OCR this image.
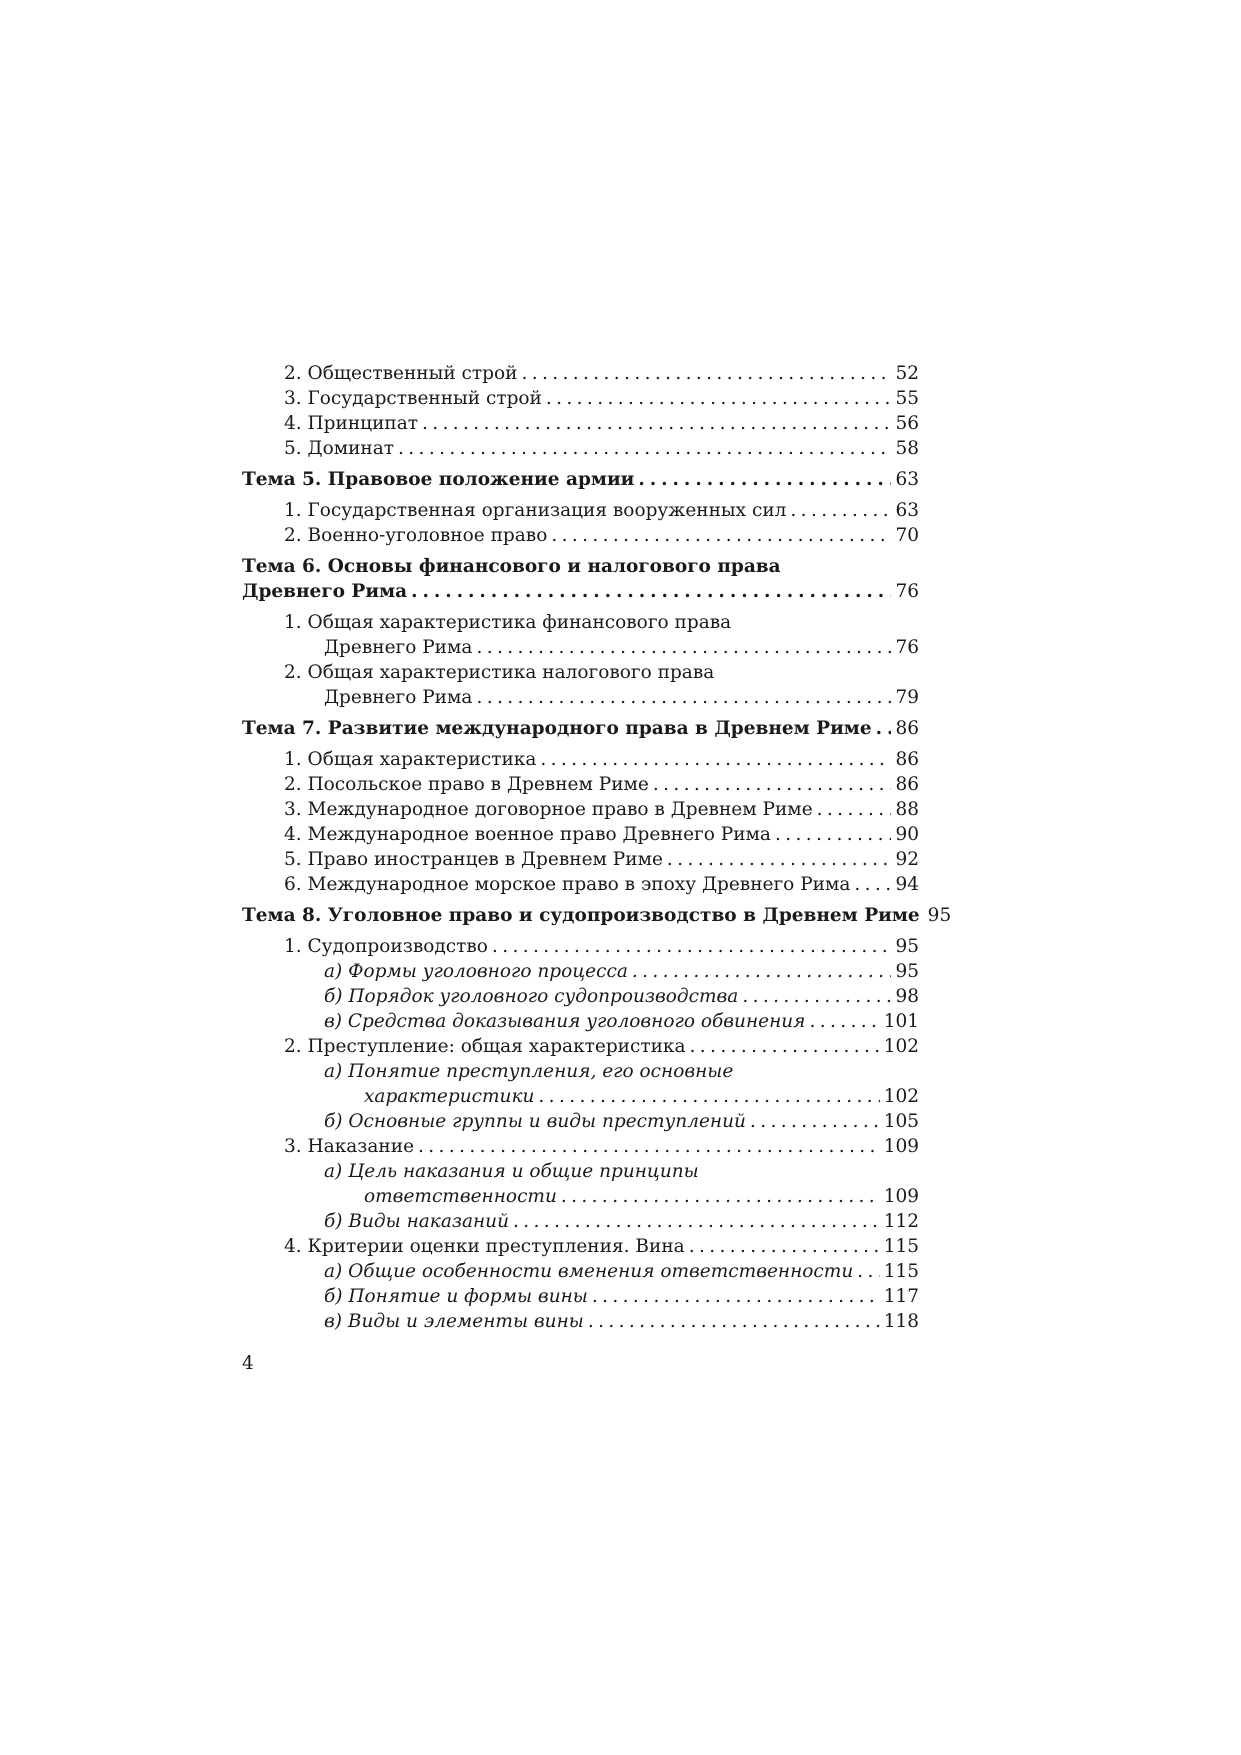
2. Общественный строй . . .	52
3. Государственный строй . . .	55
4. Принципат . . .	56
5. Доминат . . .	58
Тема 5. Правовое положение армии . . .	63
1. Государственная организация вооруженных сил . . .	63
2. Военно-уголовное право . . .	70
Тема 6. Основы финансового и налогового права
Древнего Рима . . .	76
1. Общая характеристика финансового права
Древнего Рима . . .	76
2. Общая характеристика налогового права
Древнего Рима . . .	79
Тема 7. Развитие международного права в Древнем Риме . . . 86
1. Общая характеристика . . .	86
2. Посольское право в Древнем Риме . . .	86
3. Международное договорное право в Древнем Риме . . .	88
4. Международное военное право Древнего Рима . . .	90
5. Право иностранцев в Древнем Риме . . .	92
6. Международное морское право в эпоху Древнего Рима . . . 94
Тема 8. Уголовное право и судопроизводство в Древнем Риме 95
1. Судопроизводство . . .	95
а) Формы уголовного процесса . . .	95
б) Порядок уголовного судопроизводства . . .	98
в) Средства доказывания уголовного обвинения . . .	101
2. Преступление: общая характеристика . . .	102
а) Понятие преступления, его основные
характеристики . . .	102
б) Основные группы и виды преступлений . . .	105
3. Наказание . . .	109
а) Цель наказания и общие принципы
ответственности . . .	109
б) Виды наказаний . . .	112
4. Критерии оценки преступления. Вина . . .	115
а) Общие особенности вменения ответственности . . . 115
б) Понятие и формы вины . . .	117
в) Виды и элементы вины . . .	118
4
